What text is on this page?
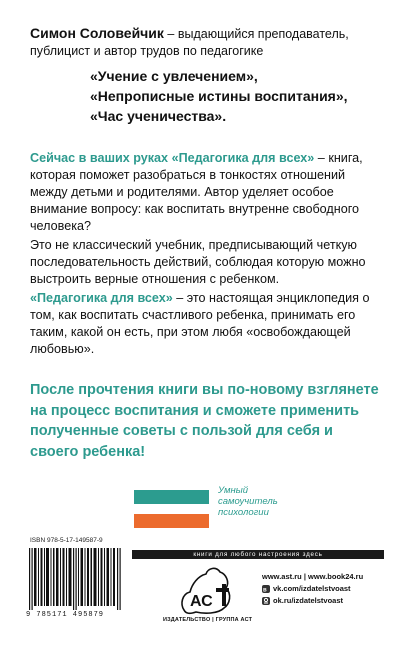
Симон Соловейчик – выдающийся преподаватель, публицист и автор трудов по педагогике
«Учение с увлечением»,
«Непрописные истины воспитания»,
«Час ученичества».

Сейчас в ваших руках «Педагогика для всех» – книга, которая поможет разобраться в тонкостях отношений между детьми и родителями. Автор уделяет особое внимание вопросу: как воспитать внутренне свободного человека?

Это не классический учебник, предписывающий четкую последовательность действий, соблюдая которую можно выстроить верные отношения с ребенком.

«Педагогика для всех» – это настоящая энциклопедия о том, как воспитать счастливого ребенка, принимать его таким, какой он есть, при этом любя «освобождающей любовью».

После прочтения книги вы по-новому взглянете на процесс воспитания и сможете применить полученные советы с пользой для себя и своего ребенка!
Умный
самоучитель
психологии
ISBN 978-5-17-149587-9
книги для любого настроения здесь
9 785171 495879
АС
ИЗДАТЕЛЬСТВО | ГРУППА АСТ
www.ast.ru | www.book24.ru
в vk.com/izdatelstvoast
ok.ru/izdatelstvoast
